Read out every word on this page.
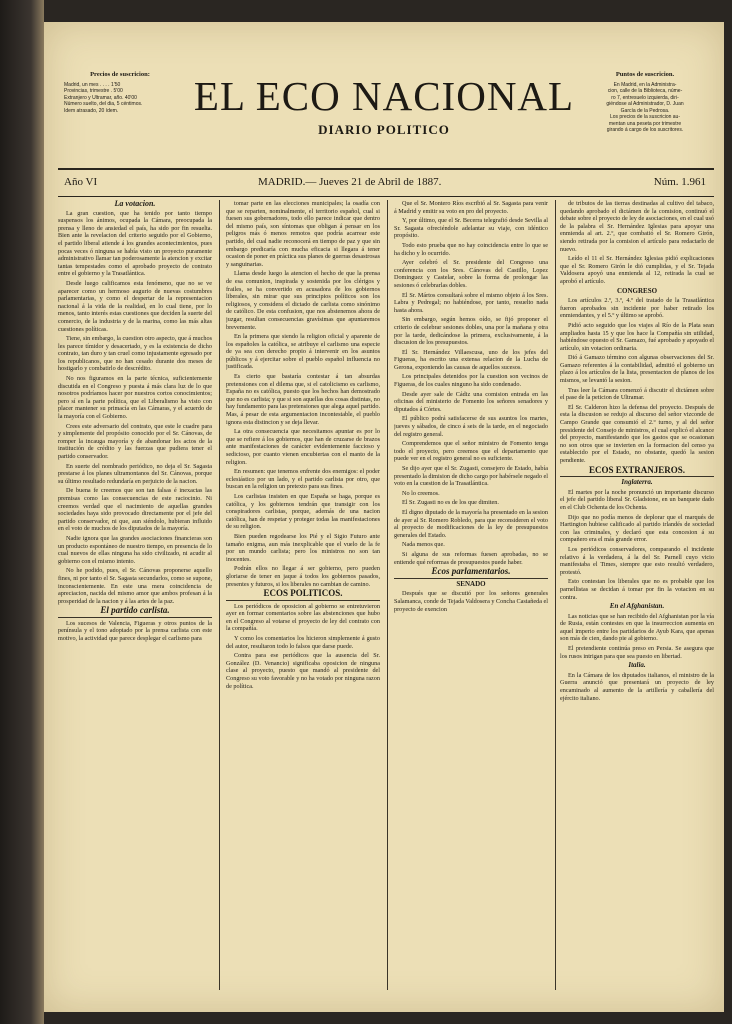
Precios de suscricion:
Madrid, un mes . . . . 1'50
Provincias, trimestre . 5'00
Extranjero y Ultramar, año. 40'00
Número suelto, del dia, 5 céntimos.
Idem atrasado, 20 ídem.	EL ECO NACIONAL
DIARIO POLITICO
Puntos de suscricion.
En Madrid, en la Administra-
cion, calle de la Biblioteca, núme-
ro 7, entresuelo izquierda, diri-
giéndose al Administrador, D. Juan
García de la Pedrosa.
Los precios de la suscricion au-
mentan una peseta por trimestre
girando á cargo de los suscritores.
Año VI	MADRID.— Jueves 21 de Abril de 1887.	Núm. 1.961

La votacion.

La gran cuestion, que ha tenido por tanto tiempo suspensos los ánimos, ocupada la Cámara, preocupada la prensa y lleno de ansiedad el país, ha sido por fin resuelta. Bien ante la revelacion del criterio seguido por el Gobierno, el partido liberal atiende á los grandes acontecimientos, pues pocas veces ó ninguna se había visto un proyecto puramente administrativo llamar tan poderosamente la atencion y excitar tantas tempestades como el aprobado proyecto de contrato entre el gobierno y la Trasatlántica.

Desde luego calificamos esta fenómeno, que no se ve aparecer como un hermoso augurio de nuevas costumbres parlamentarias, y como el despertar de la representacion nacional á la vida de la realidad, en lo cual tiene, por lo menos, tanto interés estas cuestiones que deciden la suerte del comercio, de la industria y de la marina, como las más altas cuestiones políticas.

Tiene, sin embargo, la cuestion otro aspecto, que á muchos les parece tímidor y desacertado, y es la existencia de dicho contrato, tan duro y tan cruel como injustamente egresado por los republicanos, que no han cesado durante dos meses de hostigarlo y combatirlo de descrédito.

No nos figuramos en la parte técnica, suficientemente discutida en el Congreso y puesta á más clara luz de lo que nosotros podríamos hacer por nuestros cortos conocimientos; pero sí en la parte política, que el Liberalismo ha visto con placer mantener su primacía en las Cámaras, y el acuerdo de la mayoría con el Gobierno.

Crees este adversario del contrato, que este le cuadre para y simplemente del propósito conocido por el Sr. Cánovas, de romper la incauga mayoría y de abandonar los actos de la institución de crédito y las fuerzas que pudiera tener el partido conservador.

En suerte del nombrado periódico, no deja el Sr. Sagasta prestarse á los planes ultramontanos del Sr. Cánovas, porque su último resultado redundaría en perjuicio de la nacion.

De buena fe creemos que son tan falsas é inexactas las premisas como las consecuencias de este raciocinio. Ni creemos verdad que el nacimiento de aquellas grandes sociedades haya sido provocado directamente por el jefe del partido conservador, ni que, aun siéndolo, hubieran influido en el voto de muchos de los diputados de la mayoría.

Nadie ignora que las grandes asociaciones financieras son un producto espontáneo de nuestro tiempo, en presencia de lo cual nuevos de ellas ninguna ha sido civilizado, ni acudir al gobierno con el mismo intento.

No he podido, pues, el Sr. Cánovas proponerse aquello fines, ni por tanto el Sr. Sagasta secundarlos, como se supone, inconscientemente. En este una mera coincidencia de apreciacion, nacida del mismo amor que ambos profesan á la prosperidad de la nacion y á las artes de la paz.

El partido carlista.

Los sucesos de Valencia, Figueras y otros puntos de la península y el tono adoptado por la prensa carlista con este motivo, la actividad que parece desplegar el carlismo para

tomar parte en las elecciones municipales; la osadía con que se reparten, nominalmente, el territorio español, cual si fuesen sus gobernadores, todo ello parece indicar que dentro del mismo país, son síntomas que obligan á pensar en los peligros más ó menos remotos que podría acarrear este partido, del cual nadie reconocerá en tiempo de paz y que sin embargo predicaría con mucha eficacia si llegara á tener ocasion de poner en práctica sus planes de guerras desastrosas y sanguinarias.

Llama desde luego la atencion el hecho de que la prensa de esa comunion, inspirada y sostenida por los clérigos y frailes, se ha convertido en acusadora de los gobiernos liberales, sin mirar que sus principios políticos son los religiosos, y considera el dictado de carlista como sinónimo de católico. De esta confusion, que nos abstenemos ahora de juzgar, resultan consecuencias gravísimas que apuntaremos brevemente.

En la primera que siendo la religion oficial y aparente de los españoles la católica, se atribuye el carlismo una especie de ya sea con derecho propio á intervenir en los asuntos públicos y á ejercitar sobre el pueblo español influencia no justificada.

Es cierto que bastaría contestar á tan absurdas pretensiones con el dilema que, si el catolicismo es carlismo, España no es católica, puesto que los hechos han demostrado que no es carlista; y que si son aquellas dos cosas distintas, no hay fundamento para las pretensiones que alega aquel partido. Mas, á pesar de esta argumentacion incontestable, el pueblo ignora esta distincion y se deja llevar.

La otra consecuencia que necesitamos apuntar es por lo que se refiere á los gobiernos, que han de cruzarse de brazos ante manifestaciones de carácter evidentemente faccioso y sedicioso, por cuanto vienen encubiertas con el manto de la religion.

En resumen: que tenemos enfrente dos enemigos: el poder eclesiástico por un lado, y el partido carlista por otro, que buscan en la religion un pretexto para sus fines.

Los carlistas insisten en que España se haga, porque es católica, y los gobiernos tendrán que transigir con los conspiradores carlistas, porque, además de una nacion católica, han de respetar y proteger todas las manifestaciones de su religion.

Bien pueden regodearse los Pié y el Sigio Futuro ante tamaño enigma, aun más inexplicable que el vuelo de la fe por un mundo carlista; pero los ministros no son tan inocentes.

Podrán ellos no llegar á ser gobierno, pero pueden gloriarse de tener en jaque á todos los gobiernos pasados, presentes y futuros, si los liberales no cambian de camino.

ECOS POLITICOS.

Los periódicos de oposicion al gobierno se entretuvieron ayer en formar comentarios sobre las abstenciones que hubo en el Congreso al votarse el proyecto de ley del contrato con la compañía.

Y como los comentarios los hicieron simplemente á gusto del autor, resultaron todo lo falsos que darse puede.

Contra para ese periódicos que la ausencia del Sr. González (D. Venancio) significaba oposicion de ninguna clase al proyecto, puesto que mandó al presidente del Congreso su voto favorable y no ha votado por ninguna razon de política.

Que el Sr. Montero Ríos escribió al Sr. Sagasta para venir á Madrid y emitir su voto en pro del proyecto.

Y, por último, que el Sr. Becerra telegrafió desde Sevilla al Sr. Sagasta ofreciéndole adelantar su viaje, con idéntico propósito.

Todo esto prueba que no hay coincidencia entre lo que se ha dicho y lo ocurrido.

Ayer celebró el Sr. presidente del Congreso una conferencia con los Sres. Cánovas del Castillo, Lopez Dominguez y Castelar, sobre la forma de prolongar las sesiones ó celebrarlas dobles.

El Sr. Mártos consultará sobre el mismo objeto á los Sres. Labra y Pedregal; no habiéndose, por tanto, resuelto nada hasta ahora.

Sin embargo, según hemos oído, se fijó proponer el criterio de celebrar sesiones dobles, una por la mañana y otra por la tarde, dedicándose la primera, exclusivamente, á la discusion de los presupuestos.

El Sr. Hernández Villaescusa, uno de los jefes del Figueras, ha escrito una extensa relacion de la Lucha de Gerona, exponiendo las causas de aquellos sucesos.

Los principales detenidos por la cuestion son vecinos de Figueras, de los cuales ninguno ha sido condenado.

Desde ayer sale de Cádiz una comision entrada en las oficinas del ministerio de Fomento los señores senadores y diputados á Córtes.

El público podrá satisfacerse de sus asuntos los martes, jueves y sábados, de cinco á seis de la tarde, en el negociado del registro general.

Comprendemos que el señor ministro de Fomento tenga todo el proyecto, pero creemos que el departamento que puede ver en el registro general no es suficiente.

Se dijo ayer que el Sr. Zugasti, consejero de Estado, había presentado la dimision de dicho cargo por habérsele negado el voto en la cuestion de la Trasatlántica.

No lo creemos.

El Sr. Zugasti no es de los que dimiten.

El digno diputado de la mayoría ha presentado en la sesion de ayer al Sr. Romero Robledo, para que reconsideren el voto al proyecto de modificaciones de la ley de presupuestos generales del Estado.

Nada menos que.

Si alguna de sus reformas fuesen aprobadas, no se entiende qué reformas de presupuestos puede haber.

Ecos parlamentarios.

SENADO

Después que se discutió por los señores generales Salamanca, conde de Tejada Valdosera y Concha Castañeda el proyecto de exencion

de tributos de las tierras destinadas al cultivo del tabaco, quedando aprobado el dictámen de la comision, continuó el debate sobre el proyecto de ley de asociaciones, en el cual usó de la palabra el Sr. Hernández Iglesias para apoyar una enmienda al art. 2.º, que combatió el Sr. Romero Girón, siendo retirada por la comision el artículo para redactarlo de nuevo.

Leído el 11 el Sr. Hernández Iglesias pidió explicaciones que el Sr. Romero Girón le dió cumplidas, y el Sr. Tejada Valdosera apoyó una enmienda al 12, retirada la cual se aprobó el artículo.

CONGRESO

Los artículos 2.º, 3.º, 4.º del tratado de la Trasatlántica fueron aprobados sin incidente por haber retirado los enmiendantes, y el 5.º y último se aprobó.

Pidió acto seguido que los viajes al Río de la Plata sean ampliados hasta 15 y que los hace la Compañía sin utilidad, habiéndose opuesto el Sr. Gamazo, fué aprobado y apoyado el artículo, sin votacion ordinaria.

Dió á Gamazo término con algunas observaciones del Sr. Gamazo referentes á la contabilidad, admitió el gobierno un plazo á los artículos de la lista, presentacion de planos de los mismos, se levantó la sesion.

Tras leer la Cámara comenzó á discutir el dictámen sobre el pase de la peticion de Ultramar.

El Sr. Calderon hizo la defensa del proyecto. Después de esta la discusion se redujo al discurso del señor vizconde de Campo Grande que consumió el 2.º turno, y al del señor presidente del Consejo de ministros, el cual explicó el alcance del proyecto, manifestando que los gastos que se ocasionan no son otros que se invierten en la formacion del censo ya establecido por el Estado, no obstante, quedó la sesion pendiente.

ECOS EXTRANJEROS.

Inglaterra.

El martes por la noche pronunció un importante discurso el jefe del partido liberal Sr. Gladstone, en un banquete dado en el Club Ochenta de los Ochenta.

Dijo que no podía menos de deplorar que el marqués de Hartington hubiese calificado al partido irlandés de sociedad con las criminales, y declaró que esta concesion á su compañero era el más grande error.

Los periódicos conservadores, comparando el incidente relativo á la verdadera, á la del Sr. Parnell cuyo vicio manifestaba el Times, siempre que esto resultó verdadero, protestó.

Esto contestan los liberales que no es probable que los parnellistas se decidan á tomar por fin la votacion en su contra.

En el Afghanistan.

Las noticias que se han recibido del Afghanistan por la vía de Rusia, están contestes en que la insurreccion aumenta en aquel imperio entre los partidarios de Ayub Kara, que apenas son más de cien, dando pie al gobierno.

El pretendiente continúa preso en Persia. Se asegura que los rusos intrigan para que sea puesto en libertad.

Italia.

En la Cámara de los diputados italianos, el ministro de la Guerra anunció que presentará un proyecto de ley encaminado al aumento de la artillería y caballería del ejército italiano.
